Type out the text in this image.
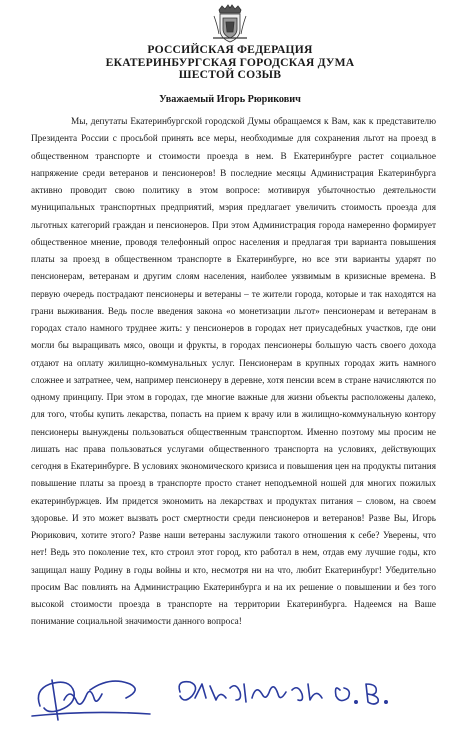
РОССИЙСКАЯ ФЕДЕРАЦИЯ
ЕКАТЕРИНБУРГСКАЯ ГОРОДСКАЯ ДУМА
ШЕСТОЙ СОЗЫВ
Уважаемый Игорь Рюрикович

Мы, депутаты Екатеринбургской городской Думы обращаемся к Вам, как к представителю Президента России с просьбой принять все меры, необходимые для сохранения льгот на проезд в общественном транспорте и стоимости проезда в нем. В Екатеринбурге растет социальное напряжение среди ветеранов и пенсионеров! В последние месяцы Администрация Екатеринбурга активно проводит свою политику в этом вопросе: мотивируя убыточностью деятельности муниципальных транспортных предприятий, мэрия предлагает увеличить стоимость проезда для льготных категорий граждан и пенсионеров. При этом Администрация города намеренно формирует общественное мнение, проводя телефонный опрос населения и предлагая три варианта повышения платы за проезд в общественном транспорте в Екатеринбурге, но все эти варианты ударят по пенсионерам, ветеранам и другим слоям населения, наиболее уязвимым в кризисные времена. В первую очередь пострадают пенсионеры и ветераны – те жители города, которые и так находятся на грани выживания. Ведь после введения закона «о монетизации льгот» пенсионерам и ветеранам в городах стало намного труднее жить: у пенсионеров в городах нет приусадебных участков, где они могли бы выращивать мясо, овощи и фрукты, в городах пенсионеры большую часть своего дохода отдают на оплату жилищно-коммунальных услуг. Пенсионерам в крупных городах жить намного сложнее и затратнее, чем, например пенсионеру в деревне, хотя пенсии всем в стране начисляются по одному принципу. При этом в городах, где многие важные для жизни объекты расположены далеко, для того, чтобы купить лекарства, попасть на прием к врачу или в жилищно-коммунальную контору пенсионеры вынуждены пользоваться общественным транспортом. Именно поэтому мы просим не лишать нас права пользоваться услугами общественного транспорта на условиях, действующих сегодня в Екатеринбурге. В условиях экономического кризиса и повышения цен на продукты питания повышение платы за проезд в транспорте просто станет неподъемной ношей для многих пожилых екатеринбуржцев. Им придется экономить на лекарствах и продуктах питания – словом, на своем здоровье. И это может вызвать рост смертности среди пенсионеров и ветеранов! Разве Вы, Игорь Рюрикович, хотите этого? Разве наши ветераны заслужили такого отношения к себе? Уверены, что нет! Ведь это поколение тех, кто строил этот город, кто работал в нем, отдав ему лучшие годы, кто защищал нашу Родину в годы войны и кто, несмотря ни на что, любит Екатеринбург! Убедительно просим Вас повлиять на Администрацию Екатеринбурга и на их решение о повышении и без того высокой стоимости проезда в транспорте на территории Екатеринбурга. Надеемся на Ваше понимание социальной значимости данного вопроса!
